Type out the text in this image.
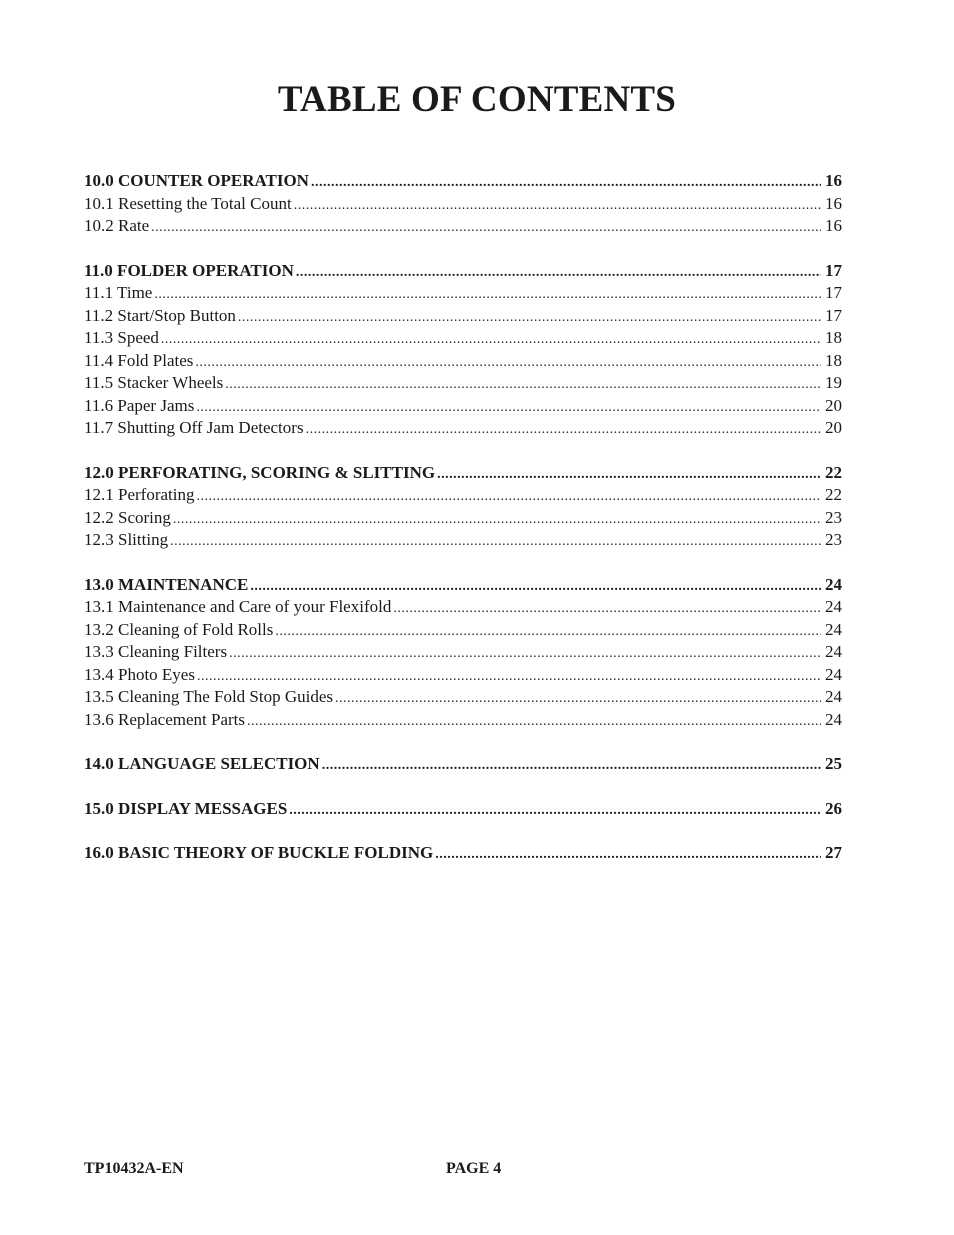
TABLE OF CONTENTS
10.0 COUNTER OPERATION .....	16
10.1 Resetting the Total Count .....	16
10.2 Rate .....	16
11.0 FOLDER OPERATION .....	17
11.1 Time .....	17
11.2 Start/Stop Button .....	17
11.3 Speed .....	18
11.4 Fold Plates .....	18
11.5 Stacker Wheels .....	19
11.6 Paper Jams .....	20
11.7 Shutting Off Jam Detectors .....	20
12.0 PERFORATING, SCORING & SLITTING .....	22
12.1 Perforating .....	22
12.2 Scoring .....	23
12.3 Slitting .....	23
13.0 MAINTENANCE .....	24
13.1 Maintenance and Care of your Flexifold .....	24
13.2 Cleaning of Fold Rolls .....	24
13.3 Cleaning Filters .....	24
13.4 Photo Eyes .....	24
13.5 Cleaning The Fold Stop Guides .....	24
13.6 Replacement Parts .....	24
14.0 LANGUAGE SELECTION .....	25
15.0 DISPLAY MESSAGES .....	26
16.0 BASIC THEORY OF BUCKLE FOLDING .....	27
TP10432A-EN	PAGE 4
